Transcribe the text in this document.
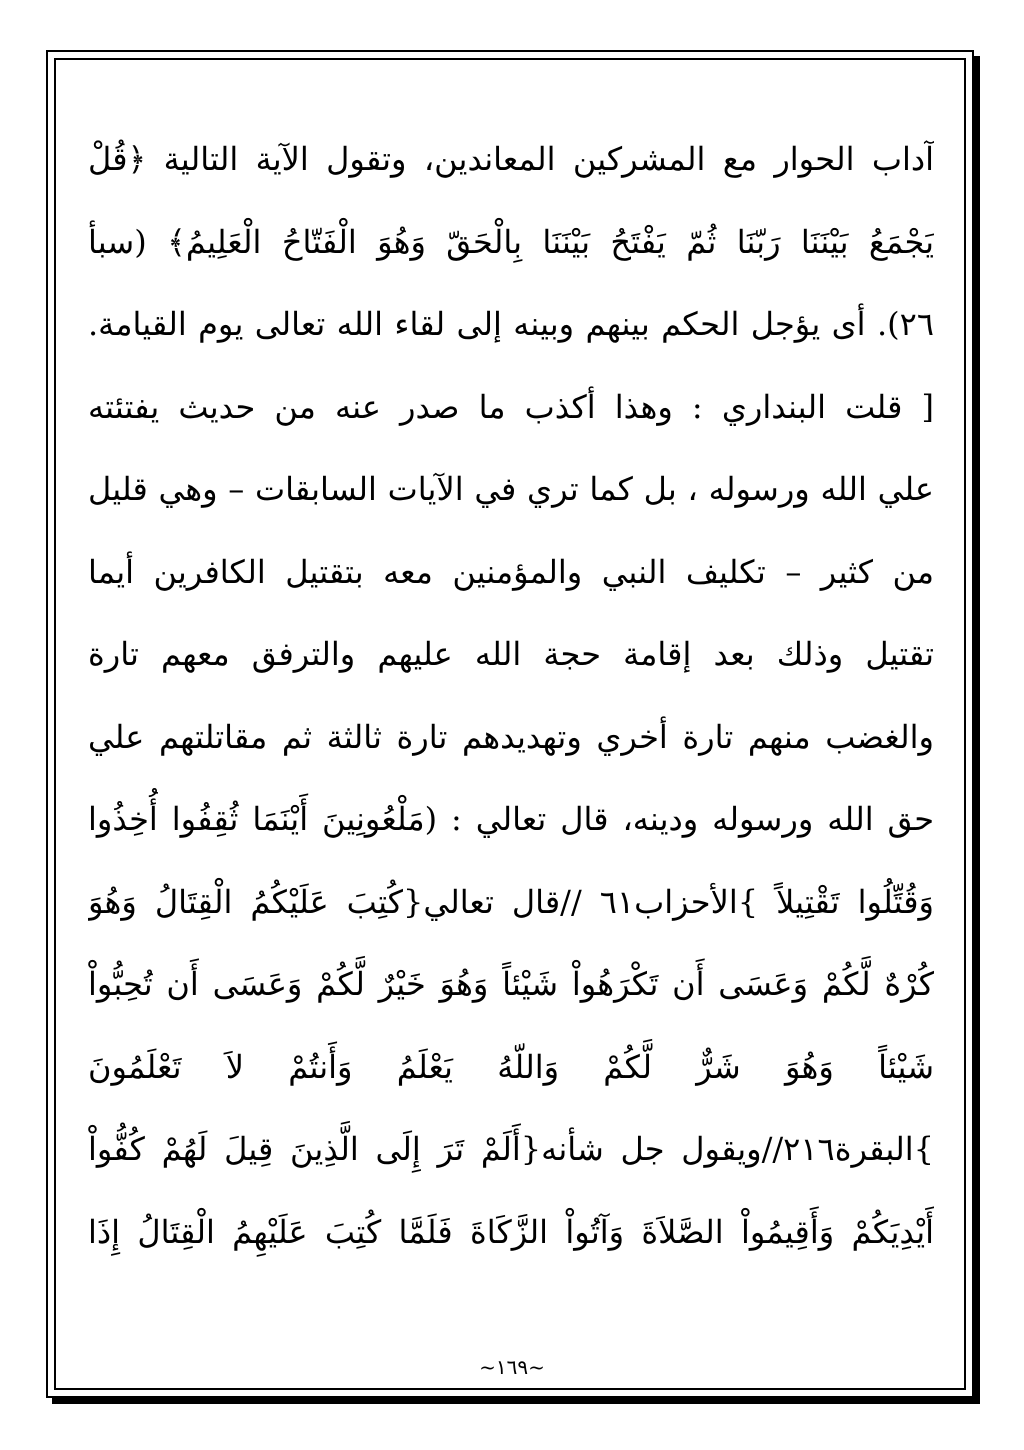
آداب الحوار مع المشركين المعاندين، وتقول الآية التالية ﴿قُلْ
يَجْمَعُ بَيْنَنَا رَبّنَا ثُمّ يَفْتَحُ بَيْنَنَا بِالْحَقّ وَهُوَ الْفَتّاحُ الْعَلِيمُ﴾ (سبأ
٢٦). أى يؤجل الحكم بينهم وبينه إلى لقاء الله تعالى يوم القيامة.
[ قلت البنداري : وهذا أكذب ما صدر عنه من حديث يفتئته
علي الله ورسوله ، بل كما تري في الآيات السابقات – وهي قليل
من كثير – تكليف النبي والمؤمنين معه بتقتيل الكافرين أيما
تقتيل وذلك بعد إقامة حجة الله عليهم والترفق معهم تارة
والغضب منهم تارة أخري وتهديدهم تارة ثالثة ثم مقاتلتهم علي
حق الله ورسوله ودينه، قال تعالي : (مَلْعُونِينَ أَيْنَمَا ثُقِفُوا أُخِذُوا
وَقُتِّلُوا تَقْتِيلاً }الأحزاب٦١ //قال تعالي{كُتِبَ عَلَيْكُمُ الْقِتَالُ وَهُوَ
كُرْهٌ لَّكُمْ وَعَسَى أَن تَكْرَهُواْ شَيْئاً وَهُوَ خَيْرٌ لَّكُمْ وَعَسَى أَن تُحِبُّواْ
شَيْئاً وَهُوَ شَرٌّ لَّكُمْ وَاللّهُ يَعْلَمُ وَأَنتُمْ لاَ تَعْلَمُونَ
}البقرة٢١٦//ويقول جل شأنه{أَلَمْ تَرَ إِلَى الَّذِينَ قِيلَ لَهُمْ كُفُّواْ
أَيْدِيَكُمْ وَأَقِيمُواْ الصَّلاَةَ وَآتُواْ الزَّكَاةَ فَلَمَّا كُتِبَ عَلَيْهِمُ الْقِتَالُ إِذَا
~١٦٩~
